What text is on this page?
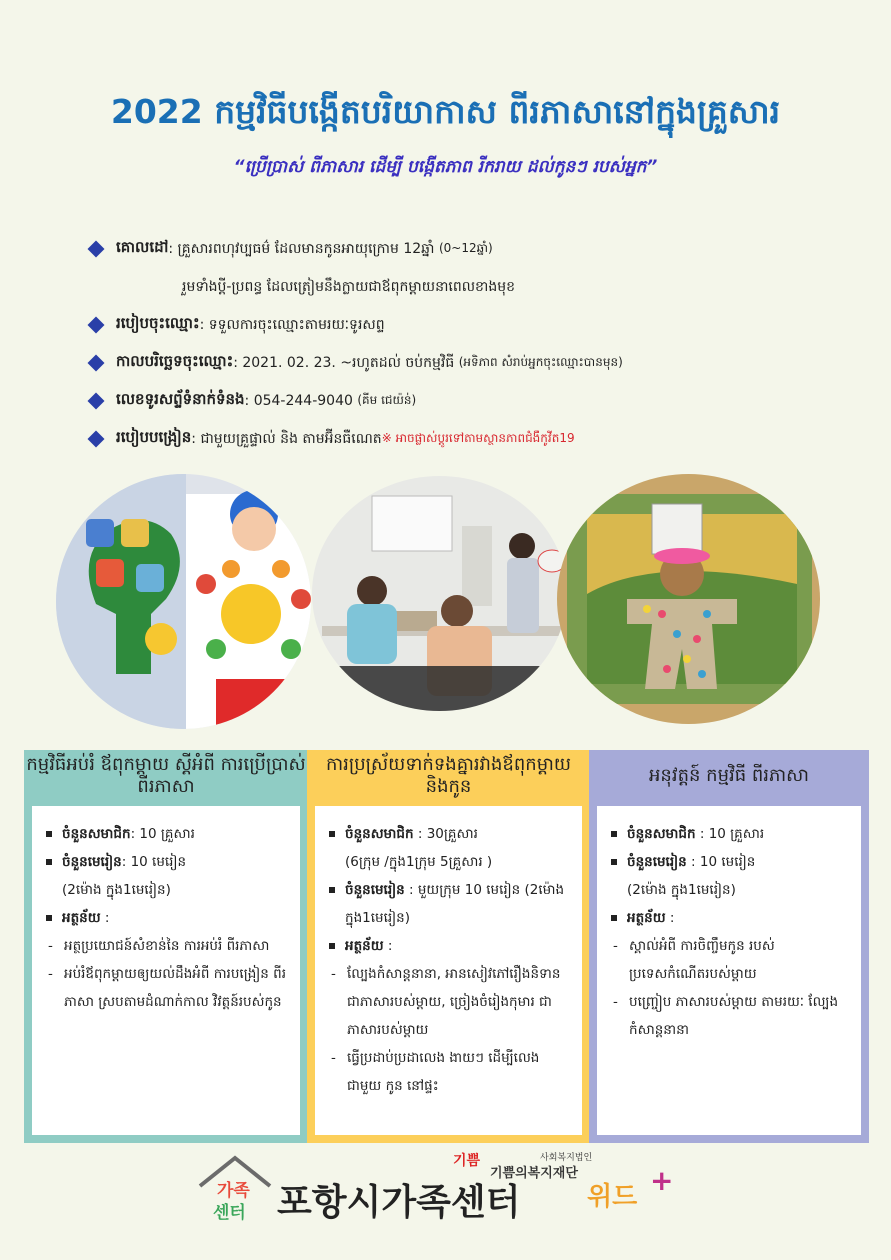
2022 កម្មវិធីបង្កើតបរិយាកាស ពីរភាសានៅក្នុងគ្រួសារ
“ប្រើប្រាស់ ពីភាសារ ដើម្បី បង្កើតភាព រីករាយ ដល់កូនៗ របស់អ្នក”
គោលដៅ : គ្រួសារពហុវប្បធម៌ ដែលមានកូនអាយុក្រោម 12ឆ្នាំ
(0~12ឆ្នាំ)
រួមទាំងប្ដី-ប្រពន្ធ ដែលត្រៀមនឹងក្លាយជាឪពុកម្ដាយនាពេលខាងមុខ
របៀបចុះឈ្មោះ : ទទួលការចុះឈ្មោះតាមរយៈទូរសព្ទ
កាលបរិច្ឆេទចុះឈ្មោះ : 2021. 02. 23. ~រហូតដល់ ចប់កម្មវិធី
(អទិភាព សំរាប់អ្នកចុះឈ្មោះបានមុន)
លេខទូរសព្ទ័ទំនាក់ទំនង : 054-244-9040
(គីម ជេយ៉ន់)
របៀបបង្រៀន : ជាមួយគ្រួផ្ទាល់ និង តាមអ៊ីនធឺណេត ※ អាចផ្លាស់ប្ដូរទៅតាមស្ថានភាពជំងឺកូវីត19
កម្មវិធីអប់រំ ឪពុកម្ដាយ ស្ដីអំពី ការប្រើប្រាស់ពីរភាសា
ចំនួនសមាជិក: 10 គ្រួសារ
ចំនួនមេរៀន: 10 មេរៀន
(2ម៉ោង ក្នុង1មេរៀន)
អត្ថន័យ :
- អត្ថប្រយោជន៍សំខាន់នៃ ការអប់រំ ពីរភាសា
- អប់រំឪពុកម្ដាយឲ្យយល់ដឹងអំពី ការបង្រៀន ពីរភាសា ស្របតាមដំណាក់កាល វិវត្តន៍របស់កូន
ការប្រស្រ័យទាក់ទងគ្នារវាងឪពុកម្ដាយនិងកូន
ចំនួនសមាជិក : 30គ្រួសារ
(6ក្រុម /ក្នុង1ក្រុម 5គ្រួសារ )
ចំនួនមេរៀន : មួយក្រុម 10 មេរៀន (2ម៉ោង ក្នុង1មេរៀន)
អត្ថន័យ :
- ល្បែងកំសាន្តនានា, អានសៀវភៅរឿងនិទានជាភាសារបស់ម្ដាយ, ច្រៀងចំរៀងកុមារ ជាភាសារបស់ម្ដាយ
- ធ្វើប្រដាប់ប្រដាលេង ងាយៗ ដើម្បីលេង ជាមួយ កូន នៅផ្ទះ
អនុវត្តន៍ កម្មវិធី ពីរភាសា
ចំនួនសមាជិក : 10 គ្រួសារ
ចំនួនមេរៀន : 10 មេរៀន
(2ម៉ោង ក្នុង1មេរៀន)
អត្ថន័យ :
- ស្គាល់អំពី ការចិញ្ចឹមកូន របស់ ប្រទេសកំណើតរបស់ម្ដាយ
- បញ្ច្រៀប ភាសារបស់ម្ដាយ តាមរយៈ ល្បែងកំសាន្តនានា
가족
센터 포항시가족센터
기쁨	사회복지법인
기쁨의복지재단
위드 +
